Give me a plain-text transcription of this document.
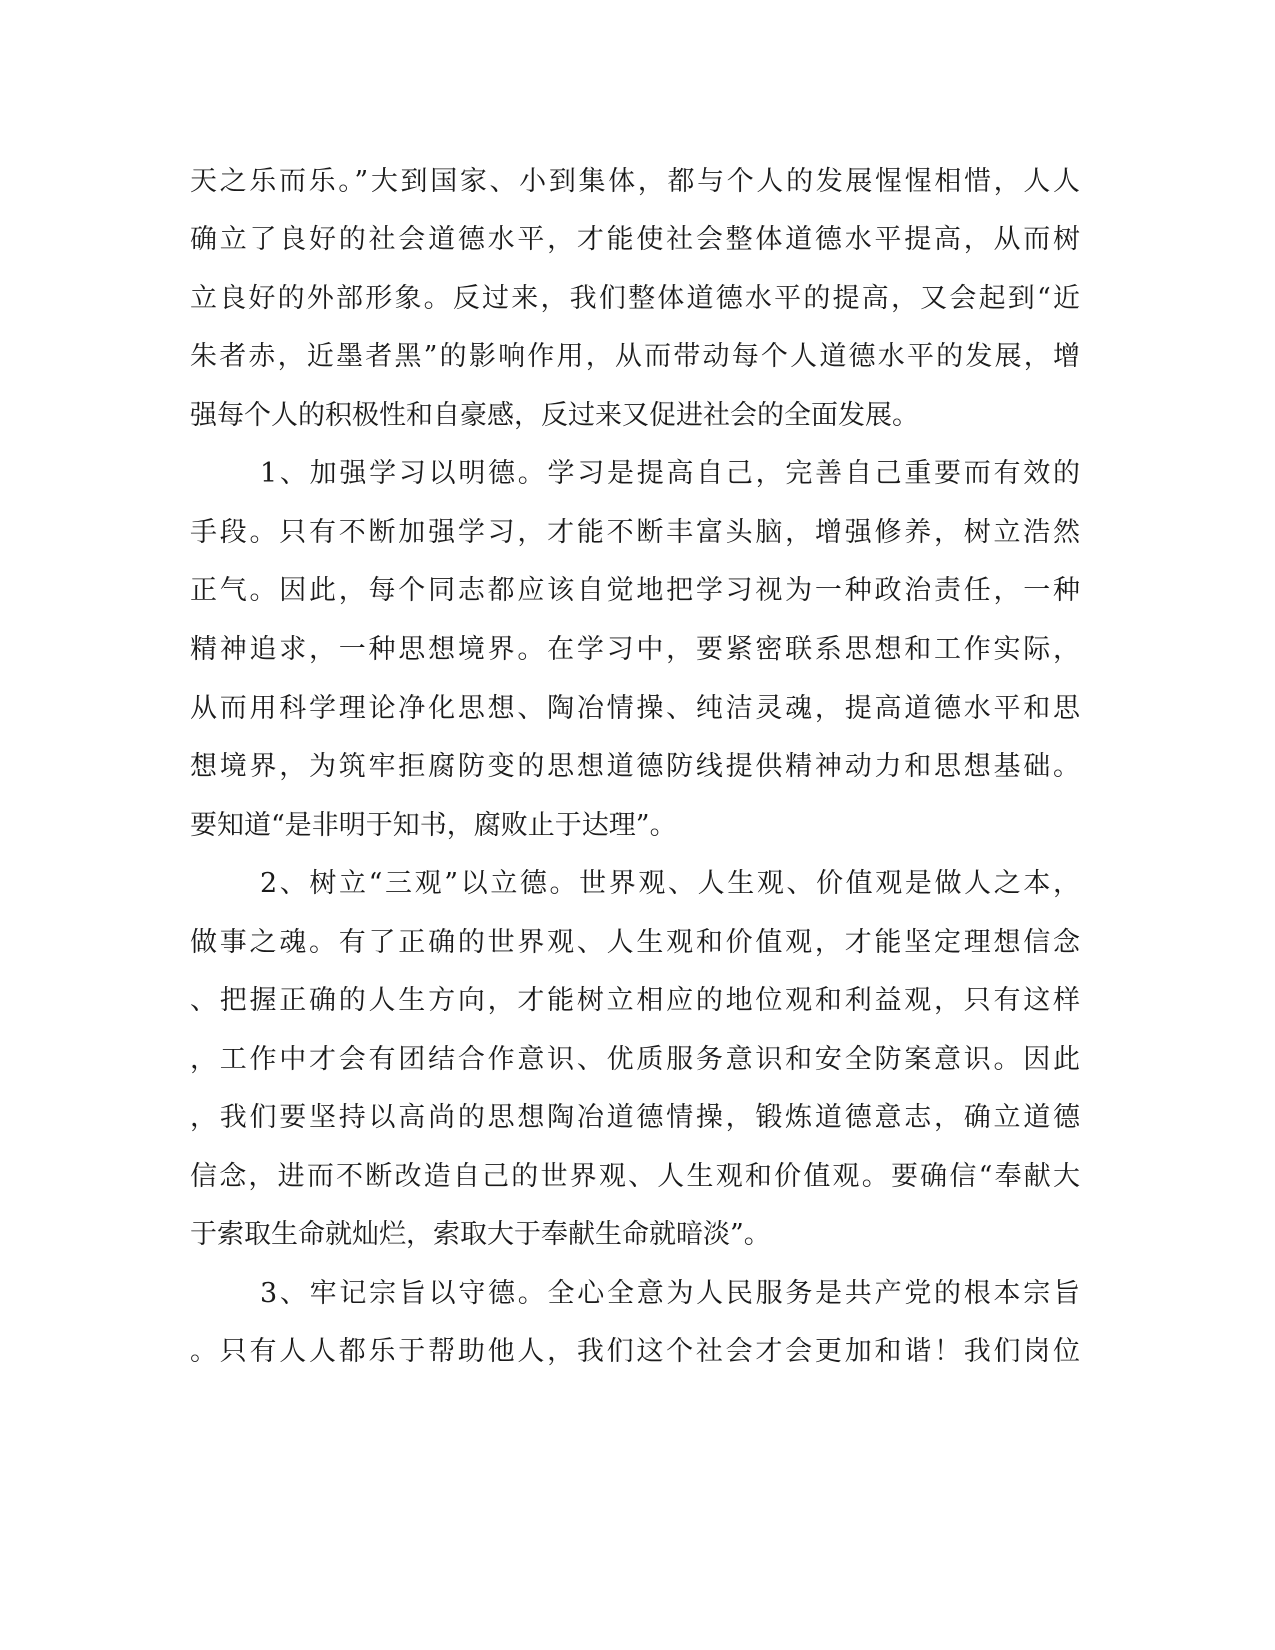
天之乐而乐。”大到国家、小到集体，都与个人的发展惺惺相惜，人人
确立了良好的社会道德水平，才能使社会整体道德水平提高，从而树
立良好的外部形象。反过来，我们整体道德水平的提高，又会起到“近
朱者赤，近墨者黑”的影响作用，从而带动每个人道德水平的发展，增
强每个人的积极性和自豪感，反过来又促进社会的全面发展。
1、加强学习以明德。学习是提高自己，完善自己重要而有效的
手段。只有不断加强学习，才能不断丰富头脑，增强修养，树立浩然
正气。因此，每个同志都应该自觉地把学习视为一种政治责任，一种
精神追求，一种思想境界。在学习中，要紧密联系思想和工作实际，
从而用科学理论净化思想、陶冶情操、纯洁灵魂，提高道德水平和思
想境界，为筑牢拒腐防变的思想道德防线提供精神动力和思想基础。
要知道“是非明于知书，腐败止于达理”。
2、树立“三观”以立德。世界观、人生观、价值观是做人之本，
做事之魂。有了正确的世界观、人生观和价值观，才能坚定理想信念
、把握正确的人生方向，才能树立相应的地位观和利益观，只有这样
，工作中才会有团结合作意识、优质服务意识和安全防案意识。因此
，我们要坚持以高尚的思想陶冶道德情操，锻炼道德意志，确立道德
信念，进而不断改造自己的世界观、人生观和价值观。要确信“奉献大
于索取生命就灿烂，索取大于奉献生命就暗淡”。
3、牢记宗旨以守德。全心全意为人民服务是共产党的根本宗旨
。只有人人都乐于帮助他人，我们这个社会才会更加和谐！我们岗位
